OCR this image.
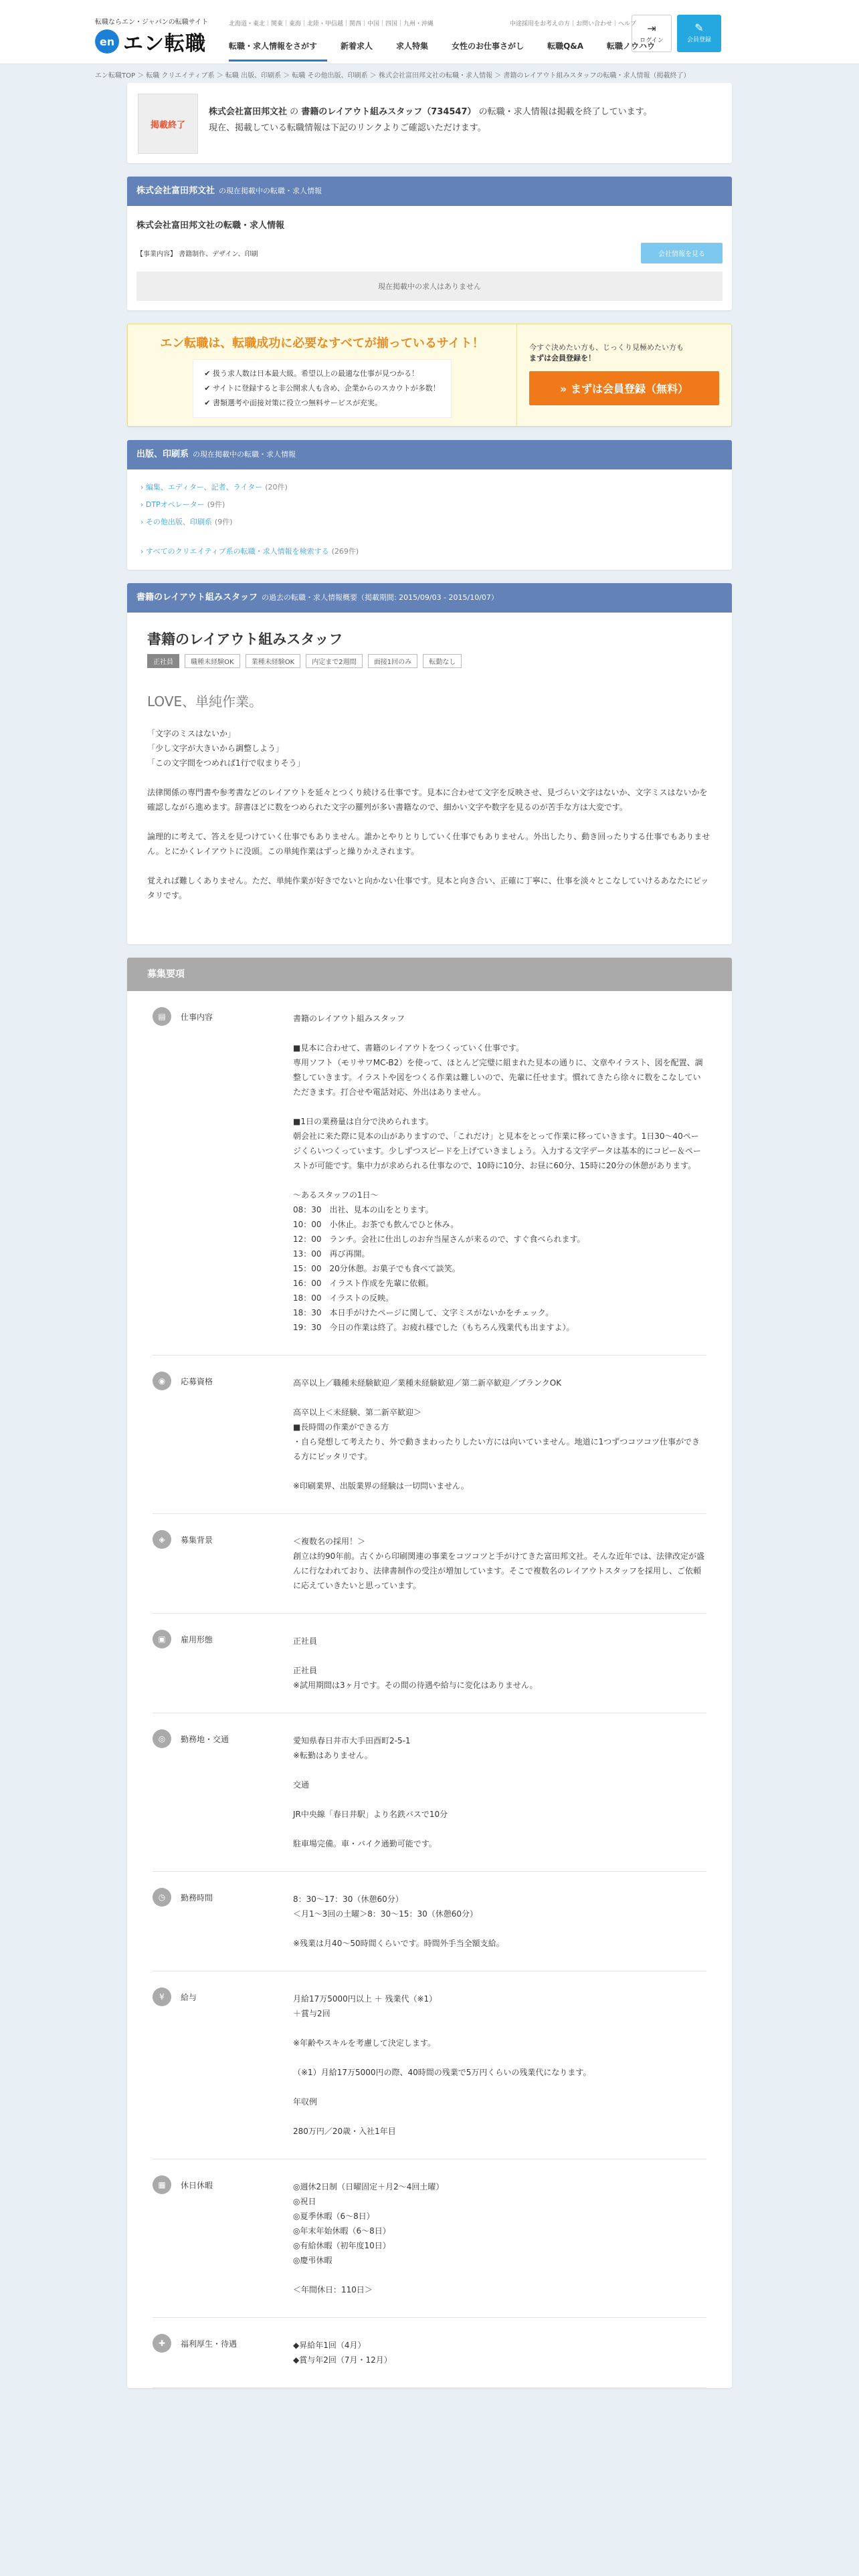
転職ならエン・ジャパンの転職サイト
en エン転職
北海道・東北｜関東｜東海｜北陸・甲信越｜関西｜中国｜四国｜九州・沖縄	中途採用をお考えの方｜お問い合わせ｜ヘルプ
転職・求人情報をさがす	新着求人	求人特集	女性のお仕事さがし	転職Q&A	転職ノウハウ
⇥
ログイン
✎
会員登録
エン転職TOP ＞ 転職 クリエイティブ系 ＞ 転職 出版、印刷系 ＞ 転職 その他出版、印刷系 ＞ 株式会社富田邦文社の転職・求人情報 ＞ 書籍のレイアウト組みスタッフの転職・求人情報（掲載終了）
掲載終了
株式会社富田邦文社 の 書籍のレイアウト組みスタッフ（734547） の転職・求人情報は掲載を終了しています。
現在、掲載している転職情報は下記のリンクよりご確認いただけます。
株式会社富田邦文社 の現在掲載中の転職・求人情報
株式会社富田邦文社の転職・求人情報
【事業内容】 書籍制作、デザイン、印刷	会社情報を見る
現在掲載中の求人はありません
エン転職は、転職成功に必要なすべてが揃っているサイト！
✔ 扱う求人数は日本最大級。希望以上の最適な仕事が見つかる！
✔ サイトに登録すると非公開求人も含め、企業からのスカウトが多数！
✔ 書類選考や面接対策に役立つ無料サービスが充実。
今すぐ決めたい方も、じっくり見極めたい方も
まずは会員登録を！
» まずは会員登録（無料）
出版、印刷系 の現在掲載中の転職・求人情報
› 編集、エディター、記者、ライター (20件)
› DTPオペレーター (9件)
› その他出版、印刷系 (9件)
› すべてのクリエイティブ系の転職・求人情報を検索する (269件)
書籍のレイアウト組みスタッフ の過去の転職・求人情報概要（掲載期間: 2015/09/03 - 2015/10/07）
書籍のレイアウト組みスタッフ
正社員	職種未経験OK	業種未経験OK	内定まで2週間	面接1回のみ	転勤なし
LOVE、単純作業。
「文字のミスはないか」
「少し文字が大きいから調整しよう」
「この文字間をつめれば1行で収まりそう」
法律関係の専門書や参考書などのレイアウトを延々とつくり続ける仕事です。見本に合わせて文字を反映させ、見づらい文字はないか、文字ミスはないかを確認しながら進めます。辞書ほどに数をつめられた文字の羅列が多い書籍なので、細かい文字や数字を見るのが苦手な方は大変です。
論理的に考えて、答えを見つけていく仕事でもありません。誰かとやりとりしていく仕事でもありません。外出したり、動き回ったりする仕事でもありません。とにかくレイアウトに没頭。この単純作業はずっと繰りかえされます。
覚えれば難しくありません。ただ、単純作業が好きでないと向かない仕事です。見本と向き合い、正確に丁寧に、仕事を淡々とこなしていけるあなたにピッタリです。
募集要項
▤	仕事内容	書籍のレイアウト組みスタッフ

■見本に合わせて、書籍のレイアウトをつくっていく仕事です。
専用ソフト（モリサワMC-B2）を使って、ほとんど完璧に組まれた見本の通りに、文章やイラスト、図を配置、調整していきます。イラストや図をつくる作業は難しいので、先輩に任せます。慣れてきたら徐々に数をこなしていただきます。打合せや電話対応、外出はありません。

■1日の業務量は自分で決められます。
朝会社に来た際に見本の山がありますので、「これだけ」と見本をとって作業に移っていきます。1日30〜40ページくらいつくっています。少しずつスピードを上げていきましょう。入力する文字データは基本的にコピー＆ペーストが可能です。集中力が求められる仕事なので、10時に10分、お昼に60分、15時に20分の休憩があります。

〜あるスタッフの1日〜
08：30　出社、見本の山をとります。
10：00　小休止。お茶でも飲んでひと休み。
12：00　ランチ。会社に仕出しのお弁当屋さんが来るので、すぐ食べられます。
13：00　再び再開。
15：00　20分休憩。お菓子でも食べて談笑。
16：00　イラスト作成を先輩に依頼。
18：00　イラストの反映。
18：30　本日手がけたページに関して、文字ミスがないかをチェック。
19：30　今日の作業は終了。お疲れ様でした（もちろん残業代も出ますよ）。
◉	応募資格	高卒以上／職種未経験歓迎／業種未経験歓迎／第二新卒歓迎／ブランクOK

高卒以上＜未経験、第二新卒歓迎＞
■長時間の作業ができる方
・自ら発想して考えたり、外で動きまわったりしたい方には向いていません。地道に1つずつコツコツ仕事ができる方にピッタリです。

※印刷業界、出版業界の経験は一切問いません。
◈	募集背景	＜複数名の採用！＞
創立は約90年前。古くから印刷関連の事業をコツコツと手がけてきた富田邦文社。そんな近年では、法律改定が盛んに行なわれており、法律書制作の受注が増加しています。そこで複数名のレイアウトスタッフを採用し、ご依頼に応えていきたいと思っています。
▣	雇用形態	正社員

正社員
※試用期間は3ヶ月です。その間の待遇や給与に変化はありません。
◎	勤務地・交通	愛知県春日井市大手田酉町2-5-1
※転勤はありません。

交通

JR中央線「春日井駅」より名鉄バスで10分

駐車場完備。車・バイク通勤可能です。
◷	勤務時間	8：30〜17：30（休憩60分）
＜月1〜3回の土曜＞8：30〜15：30（休憩60分）

※残業は月40〜50時間くらいです。時間外手当全額支給。
¥	給与	月給17万5000円以上 ＋ 残業代（※1）
＋賞与2回

※年齢やスキルを考慮して決定します。

（※1）月給17万5000円の際、40時間の残業で5万円くらいの残業代になります。

年収例

280万円／20歳・入社1年目
▦	休日休暇	◎週休2日制（日曜固定＋月2〜4回土曜）
◎祝日
◎夏季休暇（6〜8日）
◎年末年始休暇（6〜8日）
◎有給休暇（初年度10日）
◎慶弔休暇

＜年間休日：110日＞
✚	福利厚生・待遇	◆昇給年1回（4月）
◆賞与年2回（7月・12月）
